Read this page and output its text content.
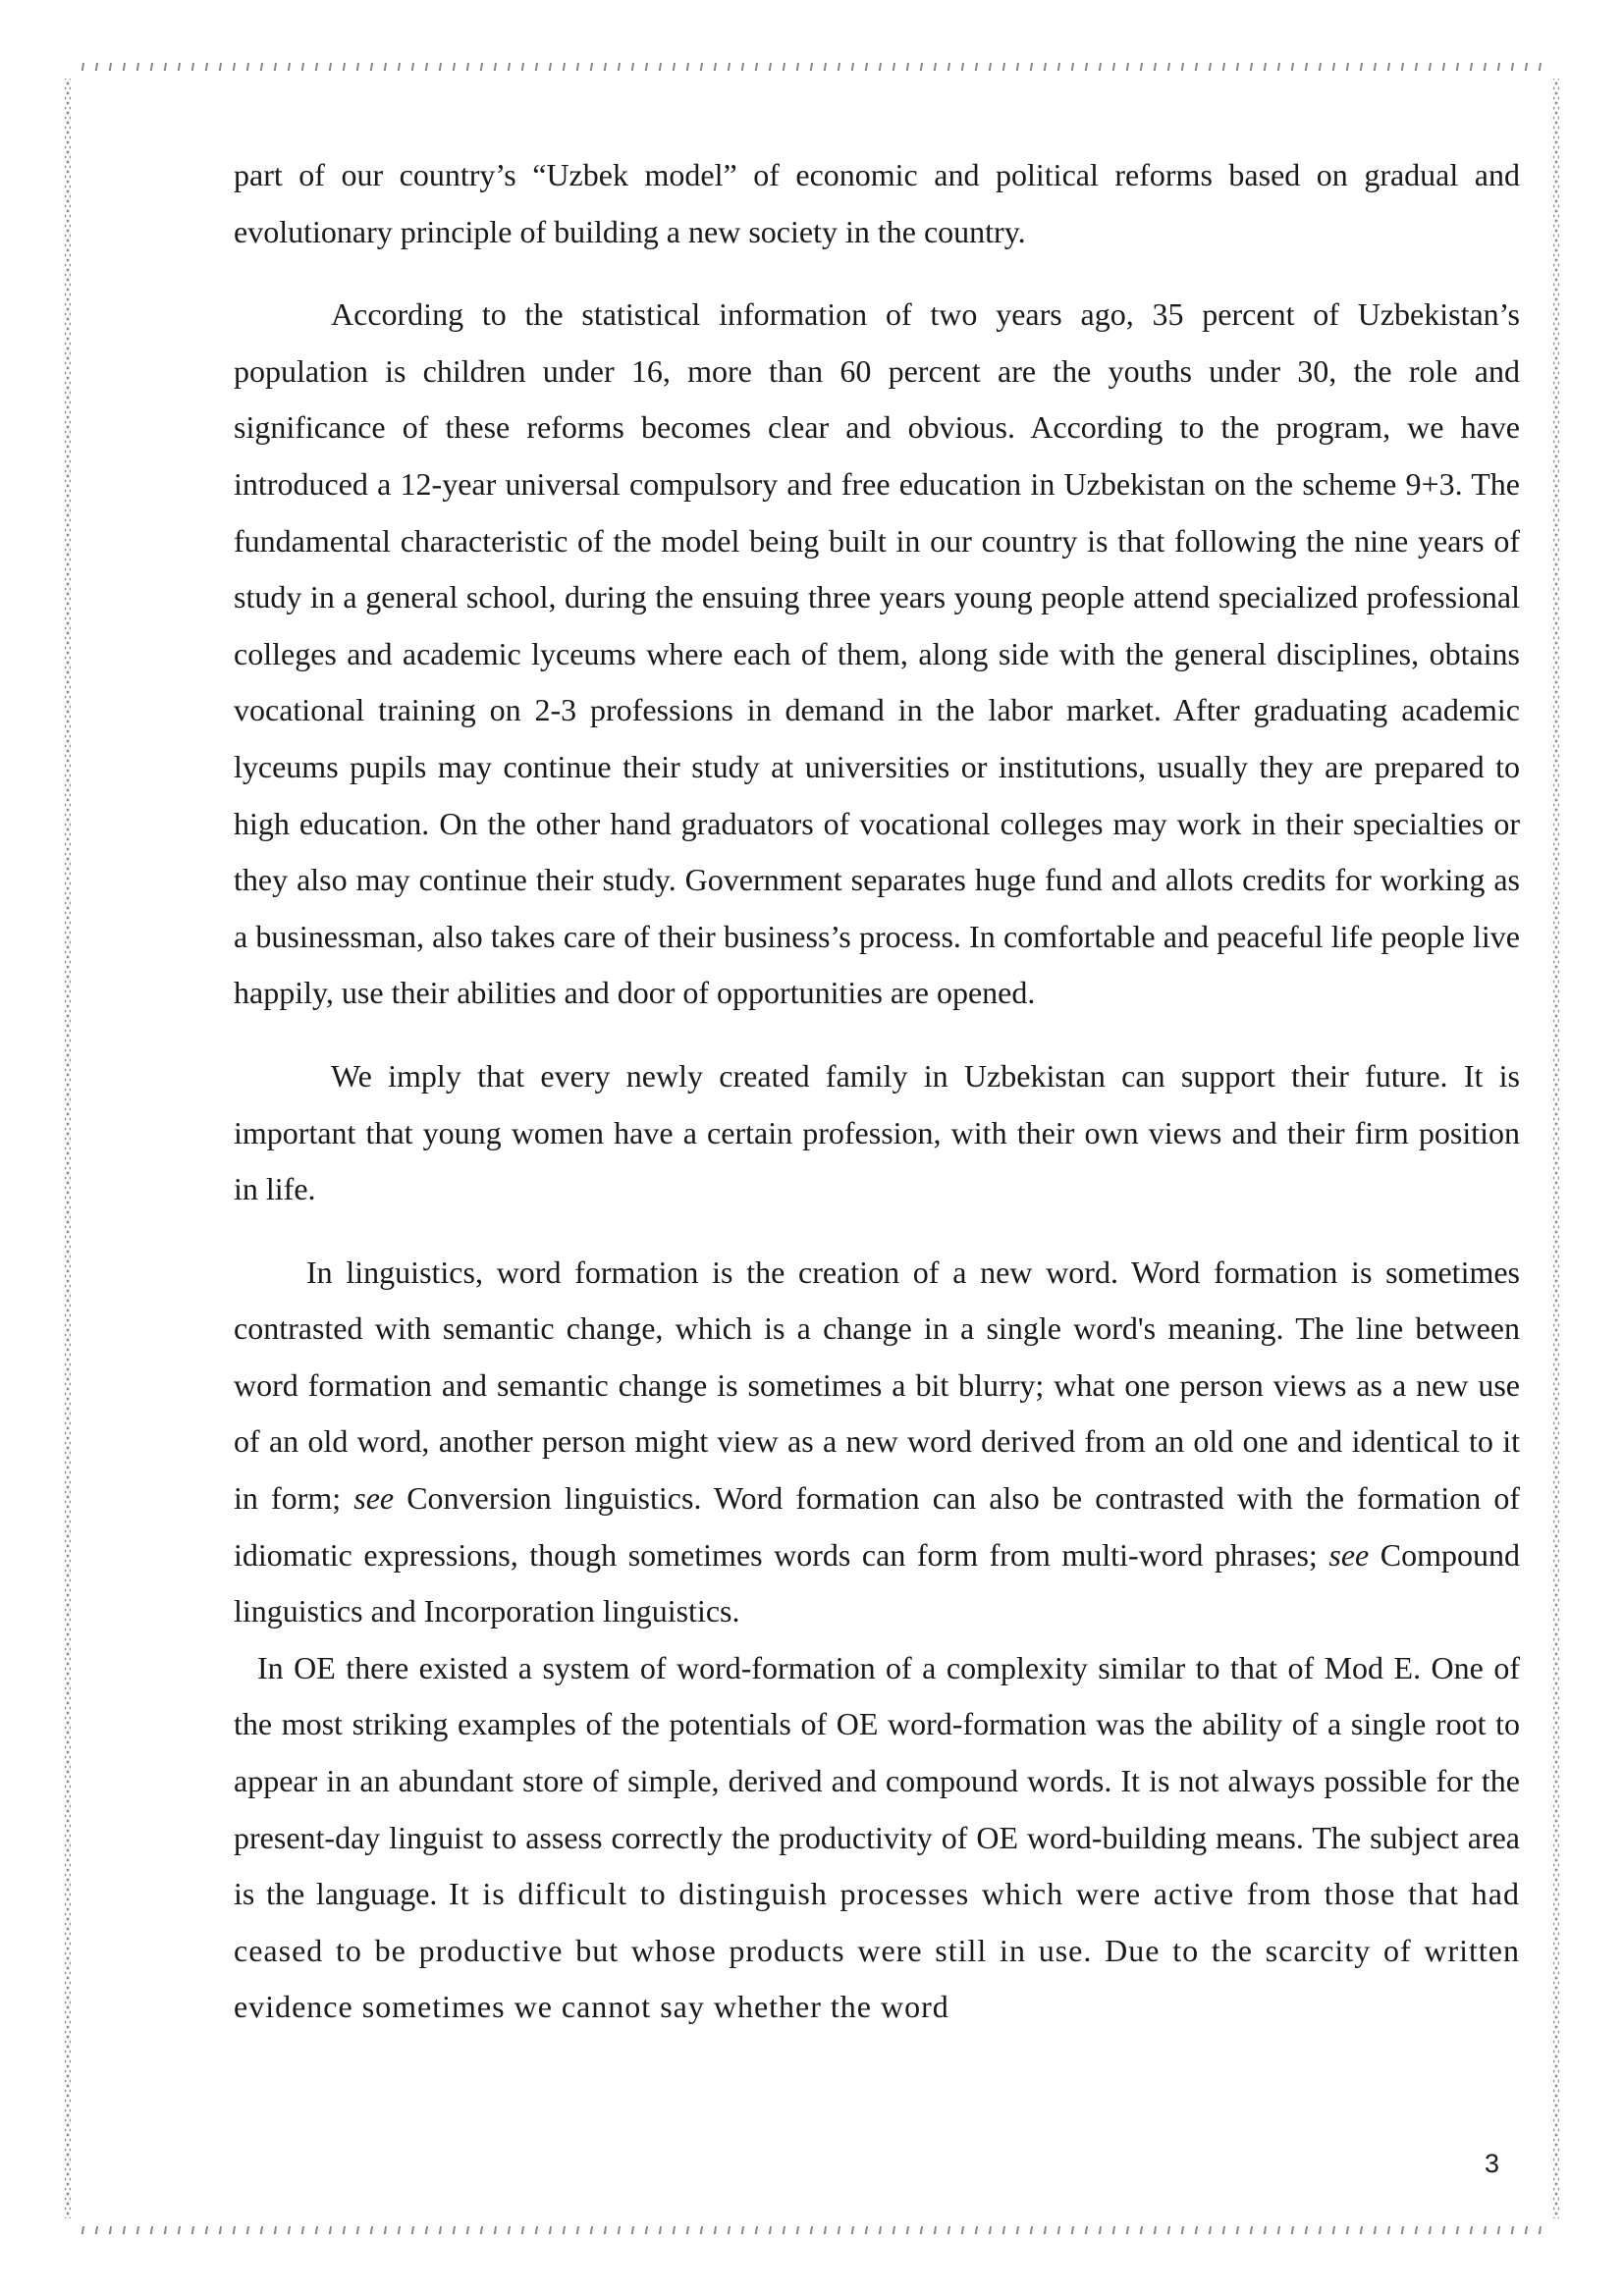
part of our country’s “Uzbek model” of economic and political reforms based on gradual and evolutionary principle of building a new society in the country.

According to the statistical information of two years ago, 35 percent of Uzbekistan’s population is children under 16, more than 60 percent are the youths under 30, the role and significance of these reforms becomes clear and obvious. According to the program, we have introduced a 12-year universal compulsory and free education in Uzbekistan on the scheme 9+3. The fundamental characteristic of the model being built in our country is that following the nine years of study in a general school, during the ensuing three years young people attend specialized professional colleges and academic lyceums where each of them, along side with the general disciplines, obtains vocational training on 2-3 professions in demand in the labor market. After graduating academic lyceums pupils may continue their study at universities or institutions, usually they are prepared to high education. On the other hand graduators of vocational colleges may work in their specialties or they also may continue their study. Government separates huge fund and allots credits for working as a businessman, also takes care of their business’s process. In comfortable and peaceful life people live happily, use their abilities and door of opportunities are opened.

We imply that every newly created family in Uzbekistan can support their future. It is important that young women have a certain profession, with their own views and their firm position in life.

In linguistics, word formation is the creation of a new word. Word formation is sometimes contrasted with semantic change, which is a change in a single word's meaning. The line between word formation and semantic change is sometimes a bit blurry; what one person views as a new use of an old word, another person might view as a new word derived from an old one and identical to it in form; see Conversion linguistics. Word formation can also be contrasted with the formation of idiomatic expressions, though sometimes words can form from multi-word phrases; see Compound linguistics and Incorporation linguistics.

In OE there existed a system of word-formation of a complexity similar to that of Mod E. One of the most striking examples of the potentials of OE word-formation was the ability of a single root to appear in an abundant store of simple, derived and compound words. It is not always possible for the present-day linguist to assess correctly the productivity of OE word-building means. The subject area is the language. It is difficult to distinguish processes which were active from those that had ceased to be productive but whose products were still in use. Due to the scarcity of written evidence sometimes we cannot say whether the word

3
